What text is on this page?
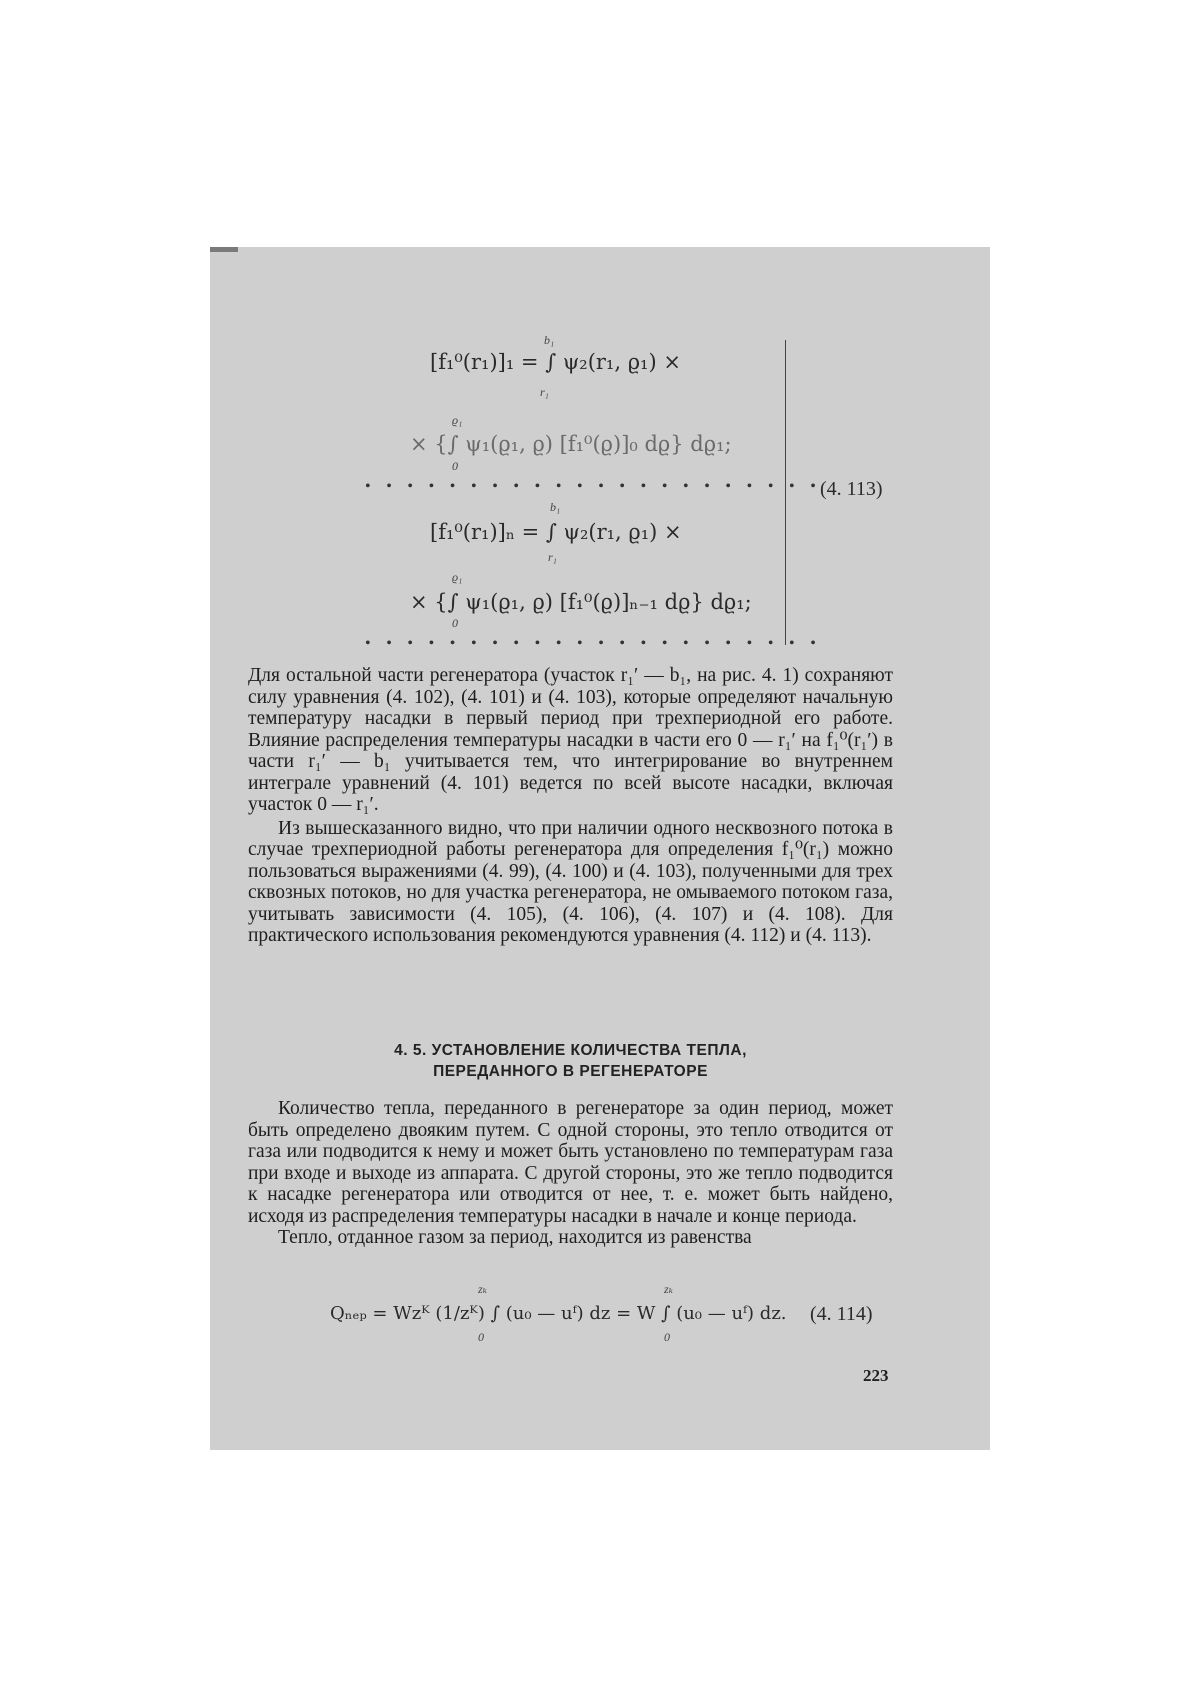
[f₁⁰(r₁)]₁ = ∫ ψ₂(r₁, ϱ₁) ×
b₁
r₁
× {∫ ψ₁(ϱ₁, ϱ) [f₁⁰(ϱ)]₀ dϱ} dϱ₁;
ϱ₁
0
••••••••••••••••••••••
[f₁⁰(r₁)]ₙ = ∫ ψ₂(r₁, ϱ₁) ×
b₁
r₁
× {∫ ψ₁(ϱ₁, ϱ) [f₁⁰(ϱ)]ₙ₋₁ dϱ} dϱ₁;
ϱ₁
0
••••••••••••••••••••••
(4. 113)

Для остальной части регенератора (участок r₁′ — b₁, на рис. 4. 1) сохраняют силу уравнения (4. 102), (4. 101) и (4. 103), которые определяют начальную температуру насадки в первый период при трехпериодной его работе. Влияние распределения температуры насадки в части его 0 — r₁′ на f₁⁰(r₁′) в части r₁′ — b₁ учитывается тем, что интегрирование во внутреннем интеграле уравнений (4. 101) ведется по всей высоте насадки, включая участок 0 — r₁′.

Из вышесказанного видно, что при наличии одного несквозного потока в случае трехпериодной работы регенератора для определения f₁⁰(r₁) можно пользоваться выражениями (4. 99), (4. 100) и (4. 103), полученными для трех сквозных потоков, но для участка регенератора, не омываемого потоком газа, учитывать зависимости (4. 105), (4. 106), (4. 107) и (4. 108). Для практического использования рекомендуются уравнения (4. 112) и (4. 113).

4. 5. УСТАНОВЛЕНИЕ КОЛИЧЕСТВА ТЕПЛА,
ПЕРЕДАННОГО В РЕГЕНЕРАТОРЕ

Количество тепла, переданного в регенераторе за один период, может быть определено двояким путем. С одной стороны, это тепло отводится от газа или подводится к нему и может быть установлено по температурам газа при входе и выходе из аппарата. С другой стороны, это же тепло подводится к насадке регенератора или отводится от нее, т. е. может быть найдено, исходя из распределения температуры насадки в начале и конце периода.

Тепло, отданное газом за период, находится из равенства

Qₙₑₚ = Wzᴷ (1/zᴷ) ∫ (u₀ — uᶠ) dz = W ∫ (u₀ — uᶠ) dz.
zₖ
0
zₖ
0
(4. 114)
223
